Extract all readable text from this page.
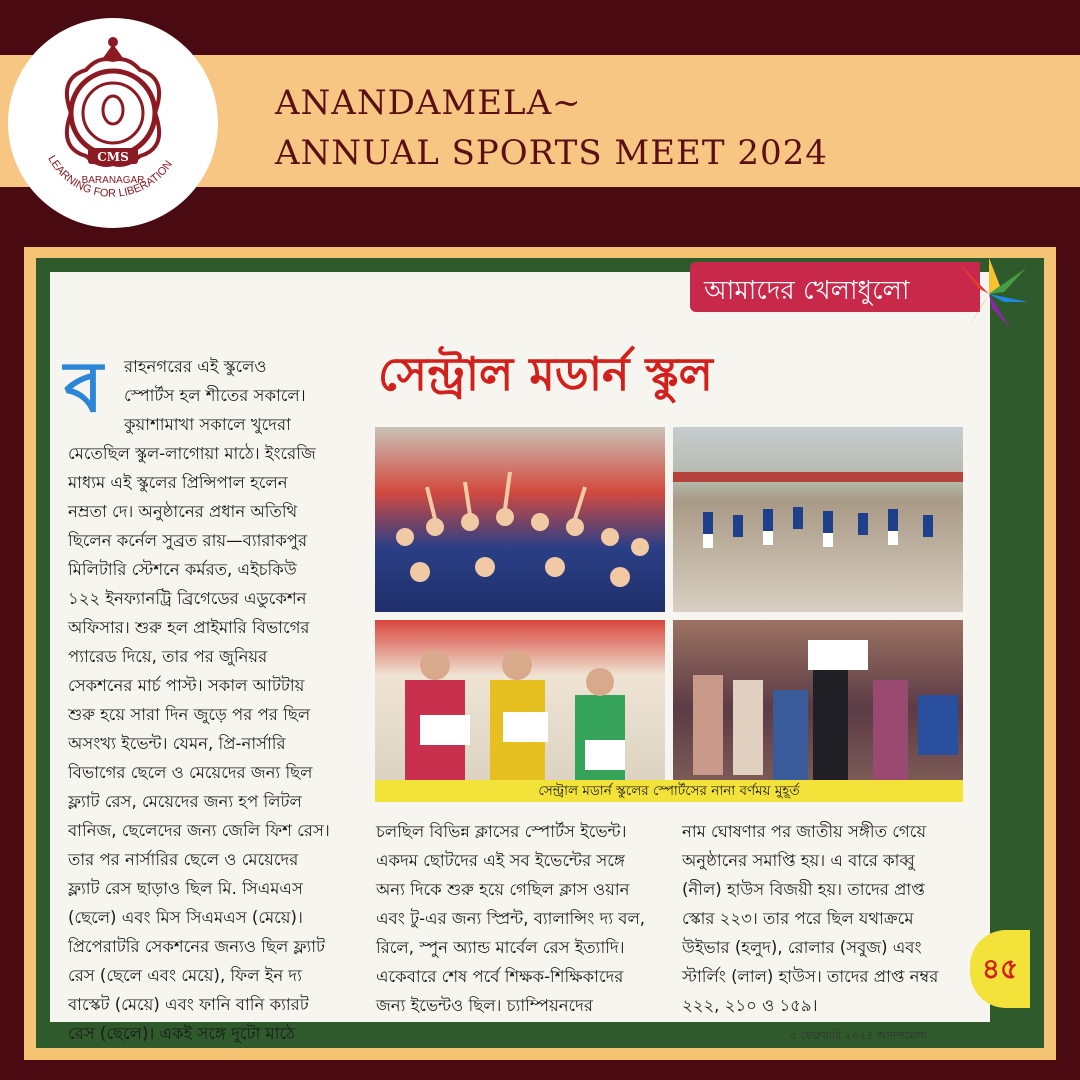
ANANDAMELA~
ANNUAL SPORTS MEET 2024
CMS
BARANAGAR
LEARNING FOR LIBERATION
আমাদের খেলাধুলো
সেন্ট্রাল মডার্ন স্কুল
ব রাহনগরের এই স্কুলেও

স্পোর্টস হল শীতের সকালে।

কুয়াশামাখা সকালে খুদেরা

মেতেছিল স্কুল-লাগোয়া মাঠে। ইংরেজি

মাধ্যম এই স্কুলের প্রিন্সিপাল হলেন

নম্রতা দে। অনুষ্ঠানের প্রধান অতিথি

ছিলেন কর্নেল সুব্রত রায়—ব্যারাকপুর

মিলিটারি স্টেশনে কর্মরত, এইচকিউ

১২২ ইনফ্যানট্রি ব্রিগেডের এডুকেশন

অফিসার। শুরু হল প্রাইমারি বিভাগের

প্যারেড দিয়ে, তার পর জুনিয়র

সেকশনের মার্চ পাস্ট। সকাল আটটায়

শুরু হয়ে সারা দিন জুড়ে পর পর ছিল

অসংখ্য ইভেন্ট। যেমন, প্রি-নার্সারি

বিভাগের ছেলে ও মেয়েদের জন্য ছিল

ফ্ল্যাট রেস, মেয়েদের জন্য হপ লিটল

বানিজ, ছেলেদের জন্য জেলি ফিশ রেস।

তার পর নার্সারির ছেলে ও মেয়েদের

ফ্ল্যাট রেস ছাড়াও ছিল মি. সিএমএস

(ছেলে) এবং মিস সিএমএস (মেয়ে)।

প্রিপেরাটরি সেকশনের জন্যও ছিল ফ্ল্যাট

রেস (ছেলে এবং মেয়ে), ফিল ইন দ্য

বাস্কেট (মেয়ে) এবং ফানি বানি ক্যারট

রেস (ছেলে)। একই সঙ্গে দুটো মাঠে

সেন্ট্রাল মডার্ন স্কুলের স্পোর্টসের নানা বর্ণময় মুহূর্ত

চলছিল বিভিন্ন ক্লাসের স্পোর্টস ইভেন্ট।

একদম ছোটদের এই সব ইভেন্টের সঙ্গে

অন্য দিকে শুরু হয়ে গেছিল ক্লাস ওয়ান

এবং টু-এর জন্য স্প্রিন্ট, ব্যালান্সিং দ্য বল,

রিলে, স্পুন অ্যান্ড মার্বেল রেস ইত্যাদি।

একেবারে শেষ পর্বে শিক্ষক-শিক্ষিকাদের

জন্য ইভেন্টও ছিল। চ্যাম্পিয়নদের

নাম ঘোষণার পর জাতীয় সঙ্গীত গেয়ে

অনুষ্ঠানের সমাপ্তি হয়। এ বারে কাব্বু

(নীল) হাউস বিজয়ী হয়। তাদের প্রাপ্ত

স্কোর ২২৩। তার পরে ছিল যথাক্রমে

উইভার (হলুদ), রোলার (সবুজ) এবং

স্টার্লিং (লাল) হাউস। তাদের প্রাপ্ত নম্বর

২২২, ২১০ ও ১৫৯।

৪৫
৫ ফেব্রুয়ারি ২০২৪ আনন্দমেলা
